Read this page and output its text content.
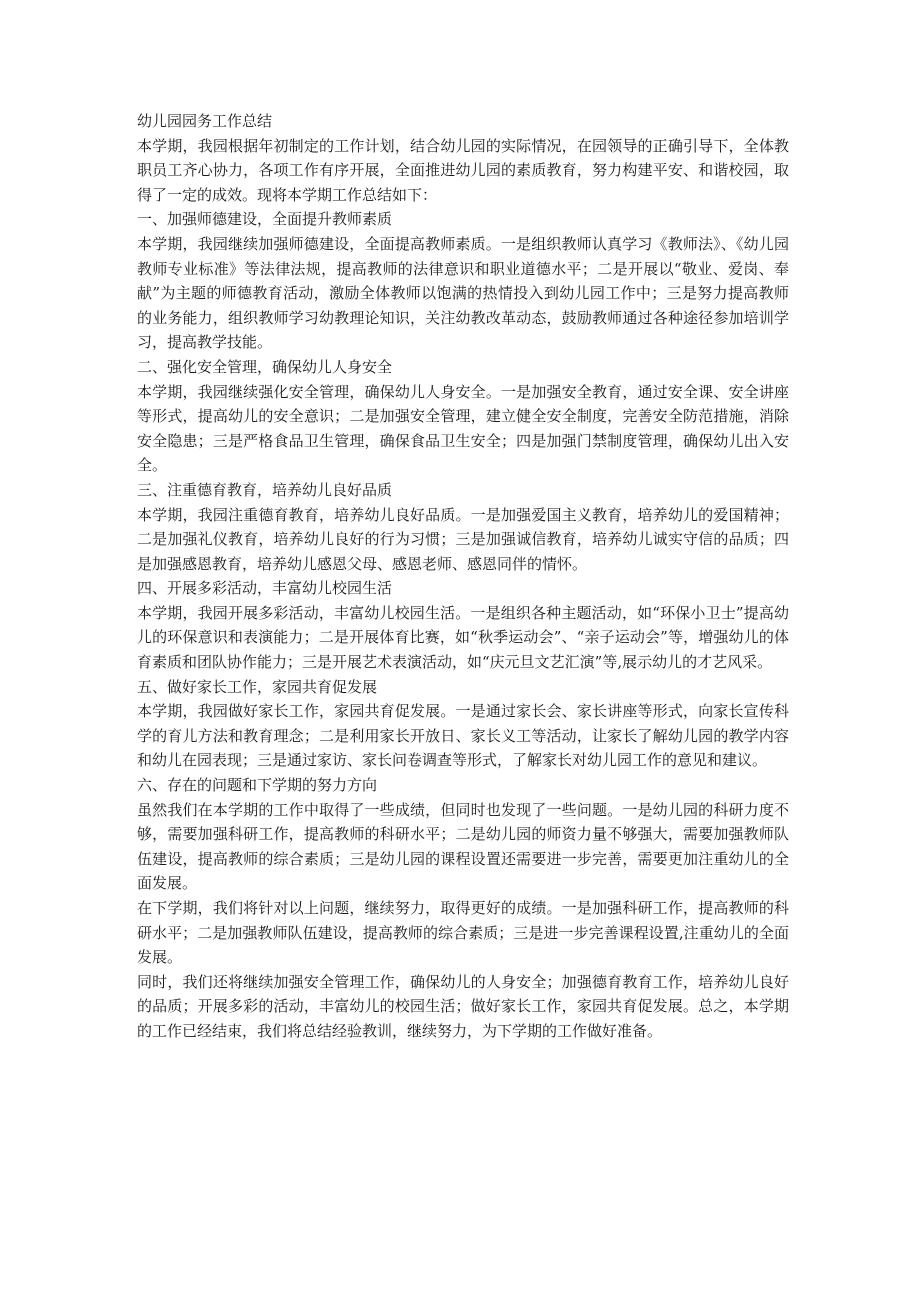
幼儿园园务工作总结

本学期，我园根据年初制定的工作计划，结合幼儿园的实际情况，在园领导的正确引导下，全体教职员工齐心协力，各项工作有序开展，全面推进幼儿园的素质教育，努力构建平安、和谐校园，取得了一定的成效。现将本学期工作总结如下：

一、加强师德建设，全面提升教师素质

本学期，我园继续加强师德建设，全面提高教师素质。一是组织教师认真学习《教师法》、《幼儿园教师专业标准》等法律法规，提高教师的法律意识和职业道德水平；二是开展以“敬业、爱岗、奉献”为主题的师德教育活动，激励全体教师以饱满的热情投入到幼儿园工作中；三是努力提高教师的业务能力，组织教师学习幼教理论知识，关注幼教改革动态，鼓励教师通过各种途径参加培训学习，提高教学技能。

二、强化安全管理，确保幼儿人身安全

本学期，我园继续强化安全管理，确保幼儿人身安全。一是加强安全教育，通过安全课、安全讲座等形式，提高幼儿的安全意识；二是加强安全管理，建立健全安全制度，完善安全防范措施，消除安全隐患；三是严格食品卫生管理，确保食品卫生安全；四是加强门禁制度管理，确保幼儿出入安全。

三、注重德育教育，培养幼儿良好品质

本学期，我园注重德育教育，培养幼儿良好品质。一是加强爱国主义教育，培养幼儿的爱国精神；二是加强礼仪教育，培养幼儿良好的行为习惯；三是加强诚信教育，培养幼儿诚实守信的品质；四是加强感恩教育，培养幼儿感恩父母、感恩老师、感恩同伴的情怀。

四、开展多彩活动，丰富幼儿校园生活

本学期，我园开展多彩活动，丰富幼儿校园生活。一是组织各种主题活动，如“环保小卫士”提高幼儿的环保意识和表演能力；二是开展体育比赛，如“秋季运动会”、“亲子运动会”等，增强幼儿的体育素质和团队协作能力；三是开展艺术表演活动，如“庆元旦文艺汇演”等,展示幼儿的才艺风采。

五、做好家长工作，家园共育促发展

本学期，我园做好家长工作，家园共育促发展。一是通过家长会、家长讲座等形式，向家长宣传科学的育儿方法和教育理念；二是利用家长开放日、家长义工等活动，让家长了解幼儿园的教学内容和幼儿在园表现；三是通过家访、家长问卷调查等形式，了解家长对幼儿园工作的意见和建议。

六、存在的问题和下学期的努力方向

虽然我们在本学期的工作中取得了一些成绩，但同时也发现了一些问题。一是幼儿园的科研力度不够，需要加强科研工作，提高教师的科研水平；二是幼儿园的师资力量不够强大，需要加强教师队伍建设，提高教师的综合素质；三是幼儿园的课程设置还需要进一步完善，需要更加注重幼儿的全面发展。

在下学期，我们将针对以上问题，继续努力，取得更好的成绩。一是加强科研工作，提高教师的科研水平；二是加强教师队伍建设，提高教师的综合素质；三是进一步完善课程设置,注重幼儿的全面发展。

同时，我们还将继续加强安全管理工作，确保幼儿的人身安全；加强德育教育工作，培养幼儿良好的品质；开展多彩的活动，丰富幼儿的校园生活；做好家长工作，家园共育促发展。总之，本学期的工作已经结束，我们将总结经验教训，继续努力，为下学期的工作做好准备。
